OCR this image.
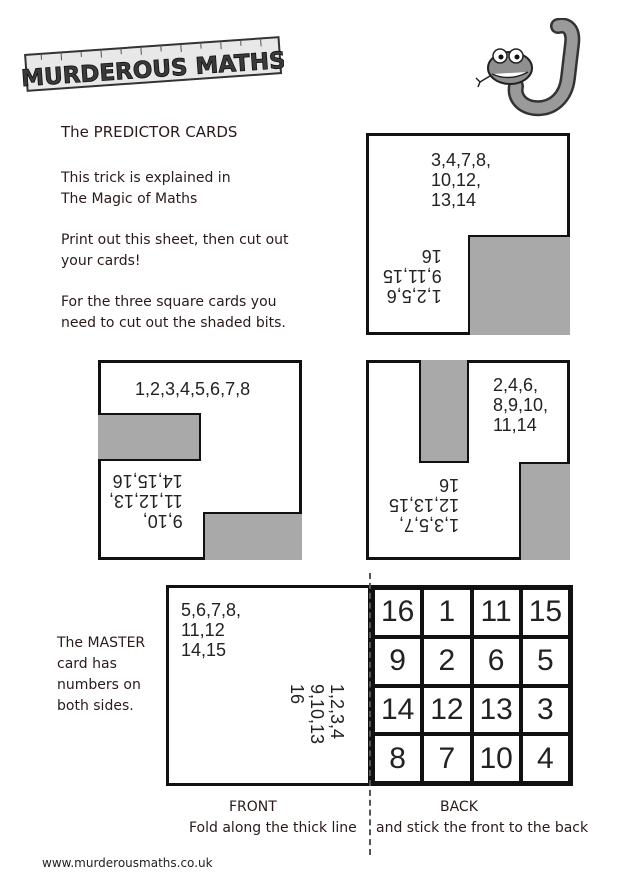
MURDEROUS MATHS
The PREDICTOR CARDS
This trick is explained in
The Magic of Maths
Print out this sheet, then cut out
your cards!
For the three square cards you
need to cut out the shaded bits.
3,4,7,8,
10,12,
13,14
1,2,5,6
9,11,15
16
1,2,3,4,5,6,7,8
9,10,
11,12,13,
14,15,16
2,4,6,
8,9,10,
11,14
1,3,5,7,
12,13,15
16
The MASTER
card has
numbers on
both sides.
5,6,7,8,
11,12
14,15
1,2,3,4
9,10,13
16
16 1 11 15
9	2	6	5
14 12 13 3
8	7 10 4
FRONT	BACK
Fold along the thick line and stick the front to the back
www.murderousmaths.co.uk
